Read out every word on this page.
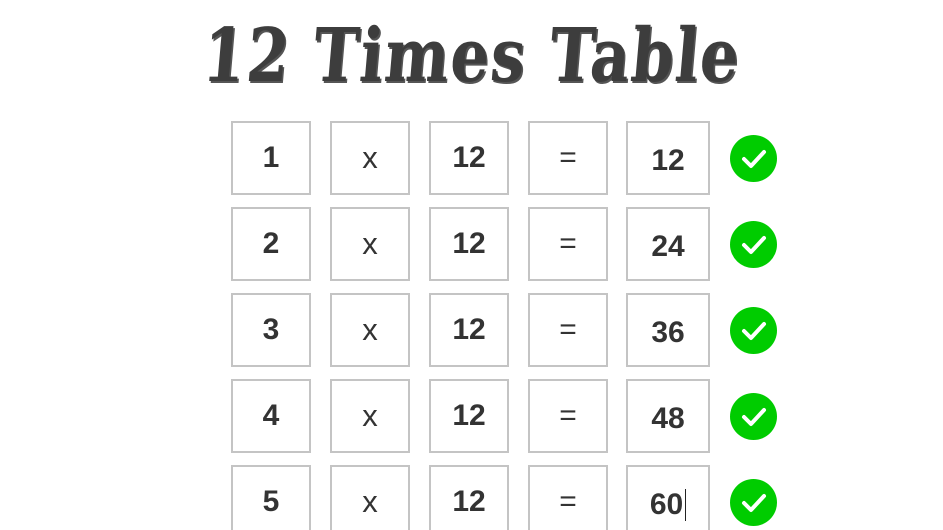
12 Times Table
1	x	12	=	12
2	x	12	=	24
3	x	12	=	36
4	x	12	=	48
5	x	12	=	60
